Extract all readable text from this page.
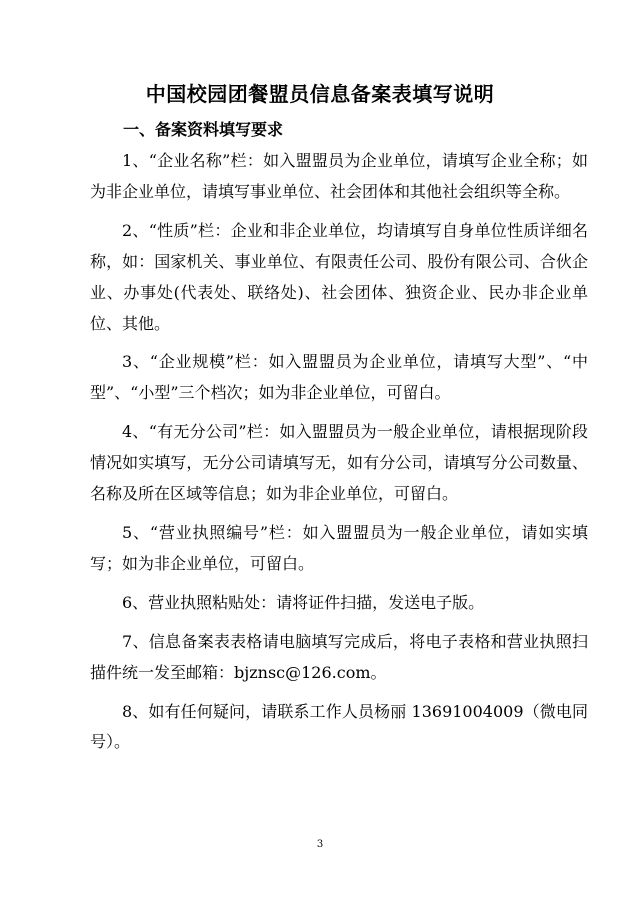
中国校园团餐盟员信息备案表填写说明
一、备案资料填写要求

1、“企业名称”栏：如入盟盟员为企业单位，请填写企业全称；如为非企业单位，请填写事业单位、社会团体和其他社会组织等全称。

2、“性质”栏：企业和非企业单位，均请填写自身单位性质详细名称，如：国家机关、事业单位、有限责任公司、股份有限公司、合伙企业、办事处(代表处、联络处)、社会团体、独资企业、民办非企业单位、其他。

3、“企业规模”栏：如入盟盟员为企业单位，请填写大型”、“中型”、“小型”三个档次；如为非企业单位，可留白。

4、“有无分公司”栏：如入盟盟员为一般企业单位，请根据现阶段情况如实填写，无分公司请填写无，如有分公司，请填写分公司数量、名称及所在区域等信息；如为非企业单位，可留白。

5、“营业执照编号”栏：如入盟盟员为一般企业单位，请如实填写；如为非企业单位，可留白。

6、营业执照粘贴处：请将证件扫描，发送电子版。

7、信息备案表表格请电脑填写完成后，将电子表格和营业执照扫描件统一发至邮箱：bjznsc@126.com。

8、如有任何疑问，请联系工作人员杨丽 13691004009（微电同号）。

3
